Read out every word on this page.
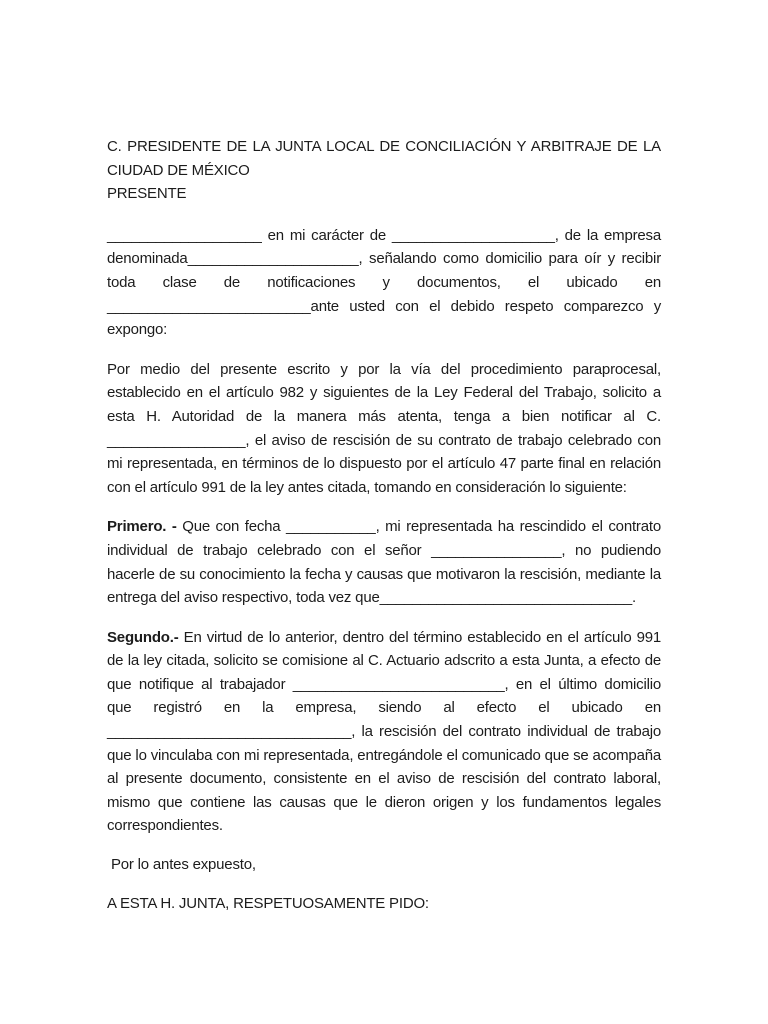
C. PRESIDENTE DE LA JUNTA LOCAL DE CONCILIACIÓN Y ARBITRAJE DE LA CIUDAD DE MÉXICO
PRESENTE

___________________ en mi carácter de ____________________, de la empresa denominada_____________________, señalando como domicilio para oír y recibir toda clase de notificaciones y documentos, el ubicado en _________________________ante usted con el debido respeto comparezco y expongo:

Por medio del presente escrito y por la vía del procedimiento paraprocesal, establecido en el artículo 982 y siguientes de la Ley Federal del Trabajo, solicito a esta H. Autoridad de la manera más atenta, tenga a bien notificar al C. _________________, el aviso de rescisión de su contrato de trabajo celebrado con mi representada, en términos de lo dispuesto por el artículo 47 parte final en relación con el artículo 991 de la ley antes citada, tomando en consideración lo siguiente:

Primero. - Que con fecha ___________, mi representada ha rescindido el contrato individual de trabajo celebrado con el señor ________________, no pudiendo hacerle de su conocimiento la fecha y causas que motivaron la rescisión, mediante la entrega del aviso respectivo, toda vez que_______________________________.

Segundo.- En virtud de lo anterior, dentro del término establecido en el artículo 991 de la ley citada, solicito se comisione al C. Actuario adscrito a esta Junta, a efecto de que notifique al trabajador __________________________, en el último domicilio que registró en la empresa, siendo al efecto el ubicado en ______________________________, la rescisión del contrato individual de trabajo que lo vinculaba con mi representada, entregándole el comunicado que se acompaña al presente documento, consistente en el aviso de rescisión del contrato laboral, mismo que contiene las causas que le dieron origen y los fundamentos legales correspondientes.

Por lo antes expuesto,

A ESTA H. JUNTA, RESPETUOSAMENTE PIDO:
